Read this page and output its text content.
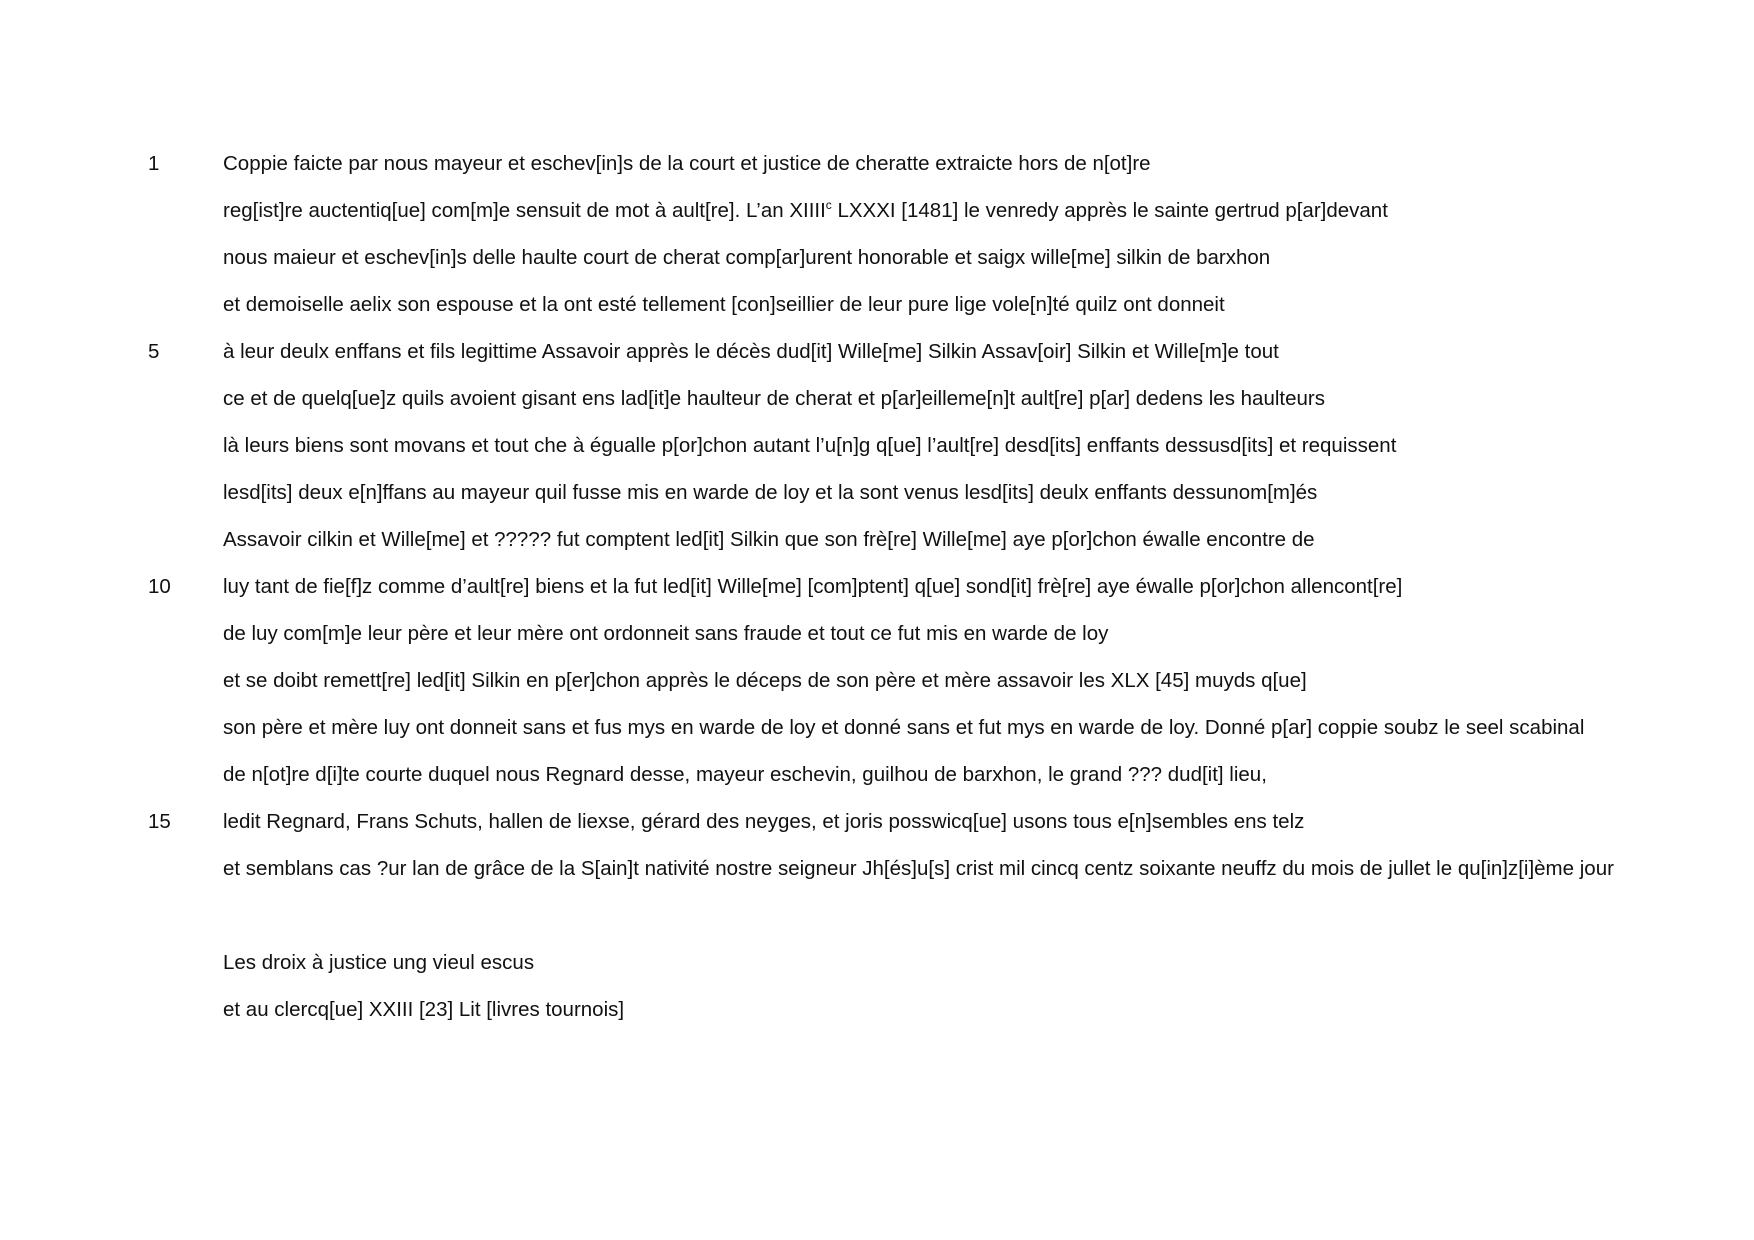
1	Coppie faicte par nous mayeur et eschev[in]s de la court et justice de cheratte extraicte hors de n[ot]re
reg[ist]re auctentiq[ue] com[m]e sensuit de mot à ault[re]. L’an XIIII$^c$ LXXXI [1481] le venredy apprès le sainte gertrud p[ar]devant
nous maieur et eschev[in]s delle haulte court de cherat comp[ar]urent honorable et saigx wille[me] silkin de barxhon
et demoiselle aelix son espouse et la ont esté tellement [con]seillier de leur pure lige vole[n]té quilz ont donneit
5	à leur deulx enffans et fils legittime Assavoir apprès le décès dud[it] Wille[me] Silkin Assav[oir] Silkin et Wille[m]e tout
ce et de quelq[ue]z quils avoient gisant ens lad[it]e haulteur de cherat et p[ar]eilleme[n]t ault[re] p[ar] dedens les haulteurs
là leurs biens sont movans et tout che à égualle p[or]chon autant l’u[n]g q[ue] l’ault[re] desd[its] enffants dessusd[its] et requissent
lesd[its] deux e[n]ffans au mayeur quil fusse mis en warde de loy et la sont venus lesd[its] deulx enffants dessunom[m]és
Assavoir cilkin et Wille[me] et ????? fut comptent led[it] Silkin que son frè[re] Wille[me] aye p[or]chon éwalle encontre de
10	luy tant de fie[f]z comme d’ault[re] biens et la fut led[it] Wille[me] [com]ptent] q[ue] sond[it] frè[re] aye éwalle p[or]chon allencont[re]
de luy com[m]e leur père et leur mère ont ordonneit sans fraude et tout ce fut mis en warde de loy
et se doibt remett[re] led[it] Silkin en p[er]chon apprès le déceps de son père et mère assavoir les XLX [45] muyds q[ue]
son père et mère luy ont donneit sans et fus mys en warde de loy et donné sans et fut mys en warde de loy. Donné p[ar] coppie soubz le seel scabinal
de n[ot]re d[i]te courte duquel nous Regnard desse, mayeur eschevin, guilhou de barxhon, le grand ??? dud[it] lieu,
15	ledit Regnard, Frans Schuts, hallen de liexse, gérard des neyges, et joris posswicq[ue] usons tous e[n]sembles ens telz
et semblans cas ?ur lan de grâce de la S[ain]t nativité nostre seigneur Jh[és]u[s] crist mil cincq centz soixante neuffz du mois de jullet le qu[in]z[i]ème jour
Les droix à justice ung vieul escus
et au clercq[ue] XXIII [23] Lit [livres tournois]
